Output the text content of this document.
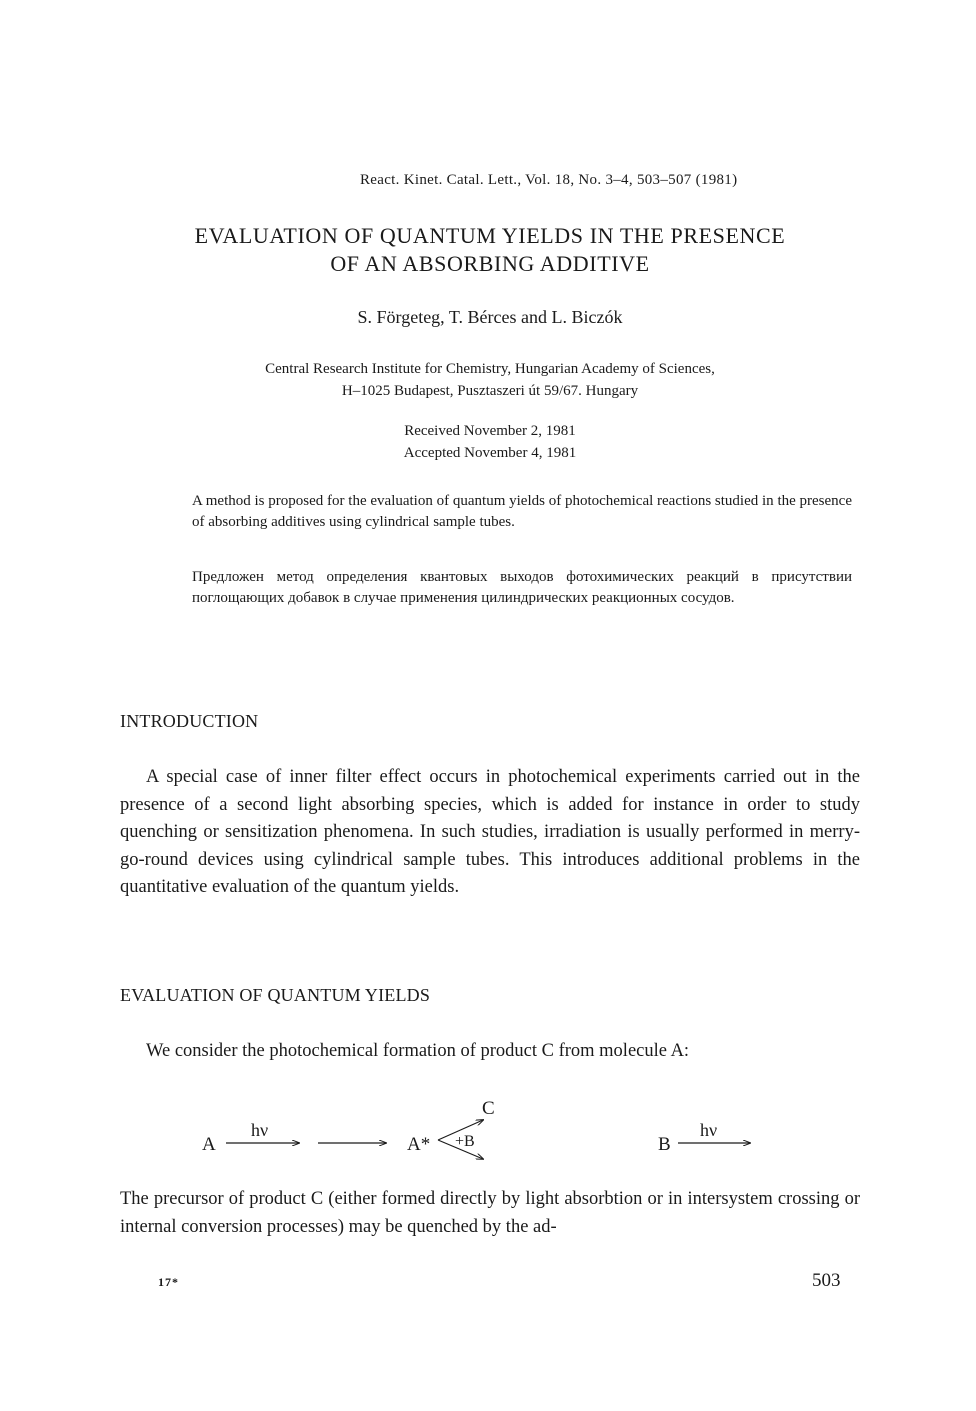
React. Kinet. Catal. Lett., Vol. 18, No. 3–4, 503–507 (1981)
EVALUATION OF QUANTUM YIELDS IN THE PRESENCE
OF AN ABSORBING ADDITIVE
S. Förgeteg, T. Bérces and L. Biczók
Central Research Institute for Chemistry, Hungarian Academy of Sciences,
H–1025 Budapest, Pusztaszeri út 59/67. Hungary
Received November 2, 1981
Accepted November 4, 1981
A method is proposed for the evaluation of quantum yields of photochemical reactions studied in the presence of absorbing additives using cylindrical sample tubes.
Предложен метод определения квантовых выходов фотохимических реакций в присутствии поглощающих добавок в случае применения цилиндрических реакционных сосудов.
INTRODUCTION
A special case of inner filter effect occurs in photochemical experiments carried out in the presence of a second light absorbing species, which is added for instance in order to study quenching or sensitization phenomena. In such studies, irradiation is usually performed in merry-go-round devices using cylindrical sample tubes. This introduces additional problems in the quantitative evaluation of the quantum yields.
EVALUATION OF QUANTUM YIELDS
We consider the photochemical formation of product C from molecule A:
A
hν
A*
C
+B	B
hν
The precursor of product C (either formed directly by light absorbtion or in intersystem crossing or internal conversion processes) may be quenched by the ad-
17*	503
